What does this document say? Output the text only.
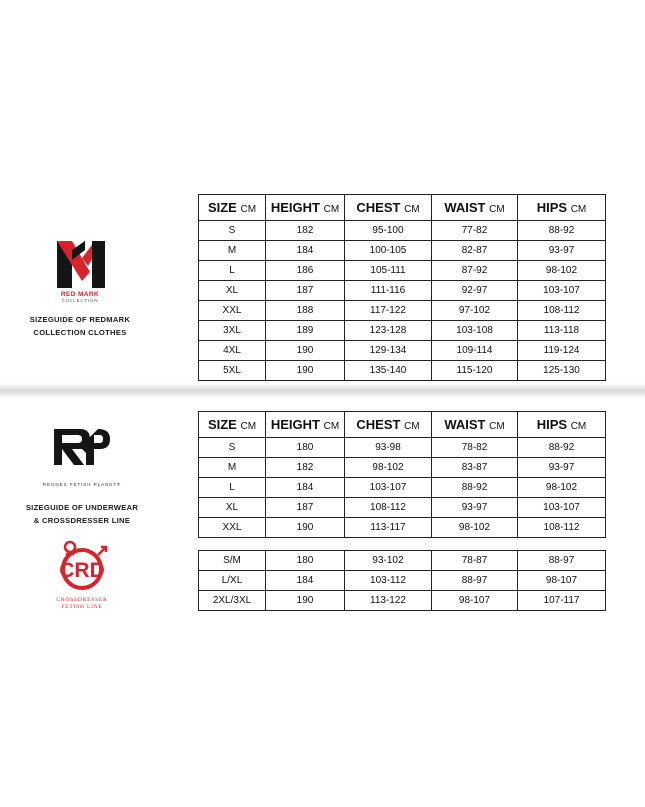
RED MARK
COLLECTION
SIZEGUIDE OF REDMARK
COLLECTION CLOTHES
REGNES FETISH PLANET®
SIZEGUIDE OF UNDERWEAR
& CROSSDRESSER LINE
CRD
CROSSDRESSER
FETISH LINE
SIZE CM	HEIGHT CM	CHEST CM	WAIST CM	HIPS CM
S	182	95-100	77-82	88-92
M	184	100-105	82-87	93-97
L	186	105-111	87-92	98-102
XL	187	111-116	92-97	103-107
XXL	188	117-122	97-102	108-112
3XL	189	123-128	103-108	113-118
4XL	190	129-134	109-114	119-124
5XL	190	135-140	115-120	125-130
SIZE CM	HEIGHT CM	CHEST CM	WAIST CM	HIPS CM
S	180	93-98	78-82	88-92
M	182	98-102	83-87	93-97
L	184	103-107	88-92	98-102
XL	187	108-112	93-97	103-107
XXL	190	113-117	98-102	108-112
S/M	180	93-102	78-87	88-97
L/XL	184	103-112	88-97	98-107
2XL/3XL	190	113-122	98-107	107-117
